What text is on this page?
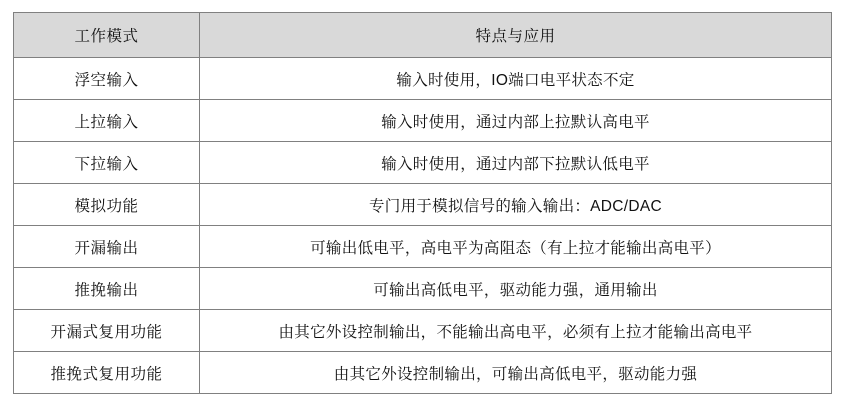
工作模式	特点与应用
浮空输入	输入时使用，IO端口电平状态不定
上拉输入	输入时使用，通过内部上拉默认高电平
下拉输入	输入时使用，通过内部下拉默认低电平
模拟功能	专门用于模拟信号的输入输出：ADC/DAC
开漏输出	可输出低电平，高电平为高阻态（有上拉才能输出高电平）
推挽输出	可输出高低电平，驱动能力强，通用输出
开漏式复用功能	由其它外设控制输出，不能输出高电平，必须有上拉才能输出高电平
推挽式复用功能	由其它外设控制输出，可输出高低电平，驱动能力强
